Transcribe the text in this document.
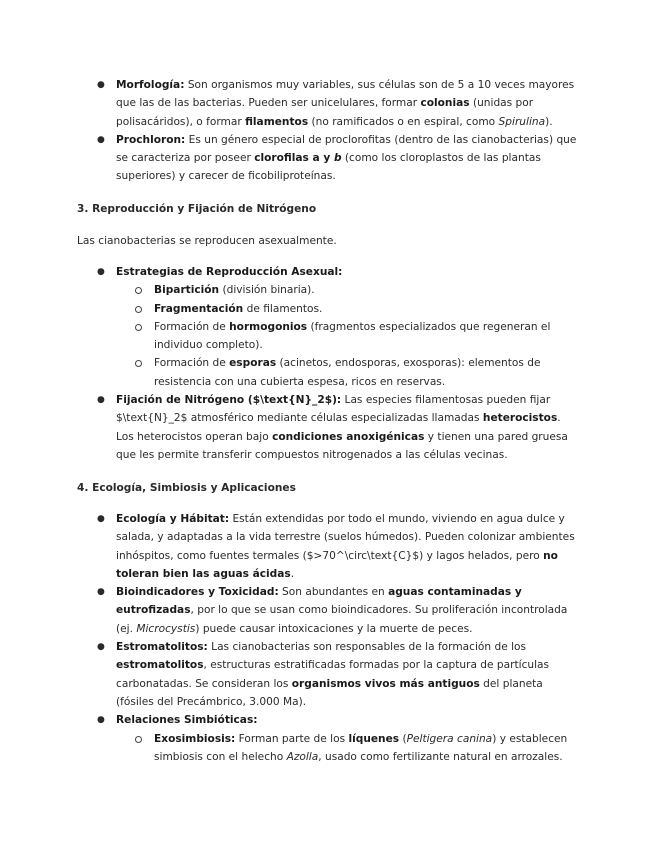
● Morfología: Son organismos muy variables, sus células son de 5 a 10 veces mayores que las de las bacterias. Pueden ser unicelulares, formar colonias (unidas por polisacáridos), o formar filamentos (no ramificados o en espiral, como Spirulina).
● Prochloron: Es un género especial de proclorofitas (dentro de las cianobacterias) que se caracteriza por poseer clorofilas a y b (como los cloroplastos de las plantas superiores) y carecer de ficobiliproteínas.
3. Reproducción y Fijación de Nitrógeno
Las cianobacterias se reproducen asexualmente.
● Estrategias de Reproducción Asexual:
Bipartición (división binaria).
Fragmentación de filamentos.
Formación de hormogonios (fragmentos especializados que regeneran el individuo completo).
Formación de esporas (acinetos, endosporas, exosporas): elementos de resistencia con una cubierta espesa, ricos en reservas.
● Fijación de Nitrógeno ($\text{N}_2$): Las especies filamentosas pueden fijar $\text{N}_2$ atmosférico mediante células especializadas llamadas heterocistos. Los heterocistos operan bajo condiciones anoxigénicas y tienen una pared gruesa que les permite transferir compuestos nitrogenados a las células vecinas.
4. Ecología, Simbiosis y Aplicaciones
● Ecología y Hábitat: Están extendidas por todo el mundo, viviendo en agua dulce y salada, y adaptadas a la vida terrestre (suelos húmedos). Pueden colonizar ambientes inhóspitos, como fuentes termales ($>70^\circ\text{C}$) y lagos helados, pero no toleran bien las aguas ácidas.
● Bioindicadores y Toxicidad: Son abundantes en aguas contaminadas y eutrofizadas, por lo que se usan como bioindicadores. Su proliferación incontrolada (ej. Microcystis) puede causar intoxicaciones y la muerte de peces.
● Estromatolitos: Las cianobacterias son responsables de la formación de los estromatolitos, estructuras estratificadas formadas por la captura de partículas carbonatadas. Se consideran los organismos vivos más antiguos del planeta (fósiles del Precámbrico, 3.000 Ma).
● Relaciones Simbióticas:
Exosimbiosis: Forman parte de los líquenes (Peltigera canina) y establecen simbiosis con el helecho Azolla, usado como fertilizante natural en arrozales.
